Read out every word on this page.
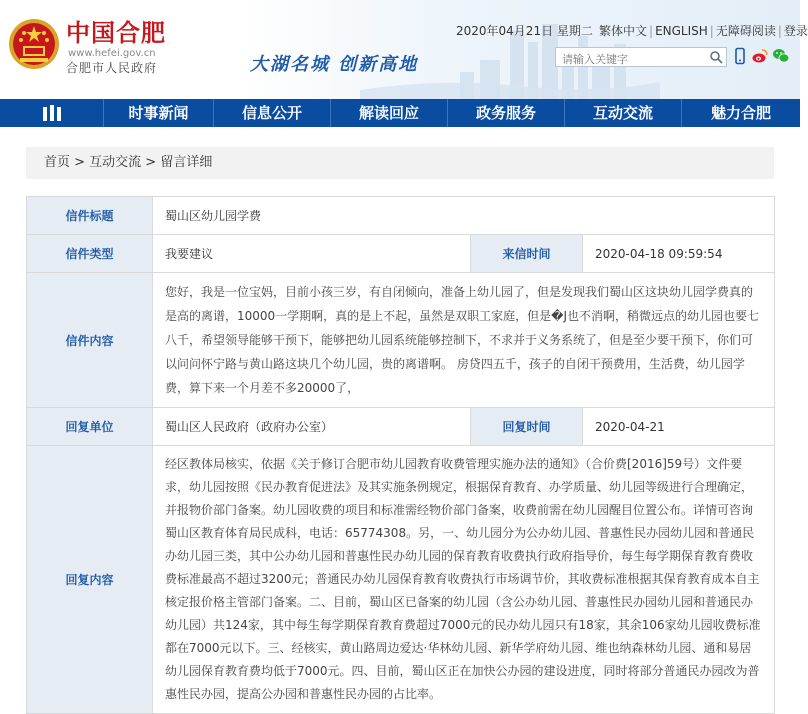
中国合肥
www.hefei.gov.cn
合肥市人民政府	大湖名城 创新高地
2020年04月21日 星期二 繁体中文 | ENGLISH | 无障碍阅读 | 登录
请输入关键字
时事新闻	信息公开	解读回应	政务服务	互动交流	魅力合肥
首页 > 互动交流 > 留言详细
信件标题	蜀山区幼儿园学费		
信件类型	我要建议	来信时间	2020-04-18 09:59:54
信件内容	您好，我是一位宝妈，目前小孩三岁，有自闭倾向，准备上幼儿园了，但是发现我们蜀山区这块幼儿园学费真的是高的离谱，10000一学期啊，真的是上不起，虽然是双职工家庭，但是�J也不消啊，稍微远点的幼儿园也要七八千，希望领导能够干预下，能够把幼儿园系统能够控制下，不求并于义务系统了，但是至少要干预下，你们可以问问怀宁路与黄山路这块几个幼儿园，贵的离谱啊。 房贷四五千，孩子的自闭干预费用，生活费，幼儿园学费，算下来一个月差不多20000了，		
回复单位	蜀山区人民政府（政府办公室）	回复时间	2020-04-21
回复内容	经区教体局核实，依据《关于修订合肥市幼儿园教育收费管理实施办法的通知》（合价费[2016]59号）文件要求，幼儿园按照《民办教育促进法》及其实施条例规定，根据保育教育、办学质量、幼儿园等级进行合理确定，并报物价部门备案。幼儿园收费的项目和标准需经物价部门备案，收费前需在幼儿园醒目位置公布。详情可咨询蜀山区教育体育局民成科，电话：65774308。另，一、幼儿园分为公办幼儿园、普惠性民办园幼儿园和普通民办幼儿园三类，其中公办幼儿园和普惠性民办幼儿园的保育教育收费执行政府指导价，每生每学期保育教育费收费标准最高不超过3200元；普通民办幼儿园保育教育收费执行市场调节价，其收费标准根据其保育教育成本自主核定报价格主管部门备案。二、目前，蜀山区已备案的幼儿园（含公办幼儿园、普惠性民办园幼儿园和普通民办幼儿园）共124家，其中每生每学期保育教育费超过7000元的民办幼儿园只有18家，其余106家幼儿园收费标准都在7000元以下。三、经核实，黄山路周边爱达·华林幼儿园、新华学府幼儿园、维也纳森林幼儿园、通和易居幼儿园保育教育费均低于7000元。四、目前，蜀山区正在加快公办园的建设进度，同时将部分普通民办园改为普惠性民办园，提高公办园和普惠性民办园的占比率。		
